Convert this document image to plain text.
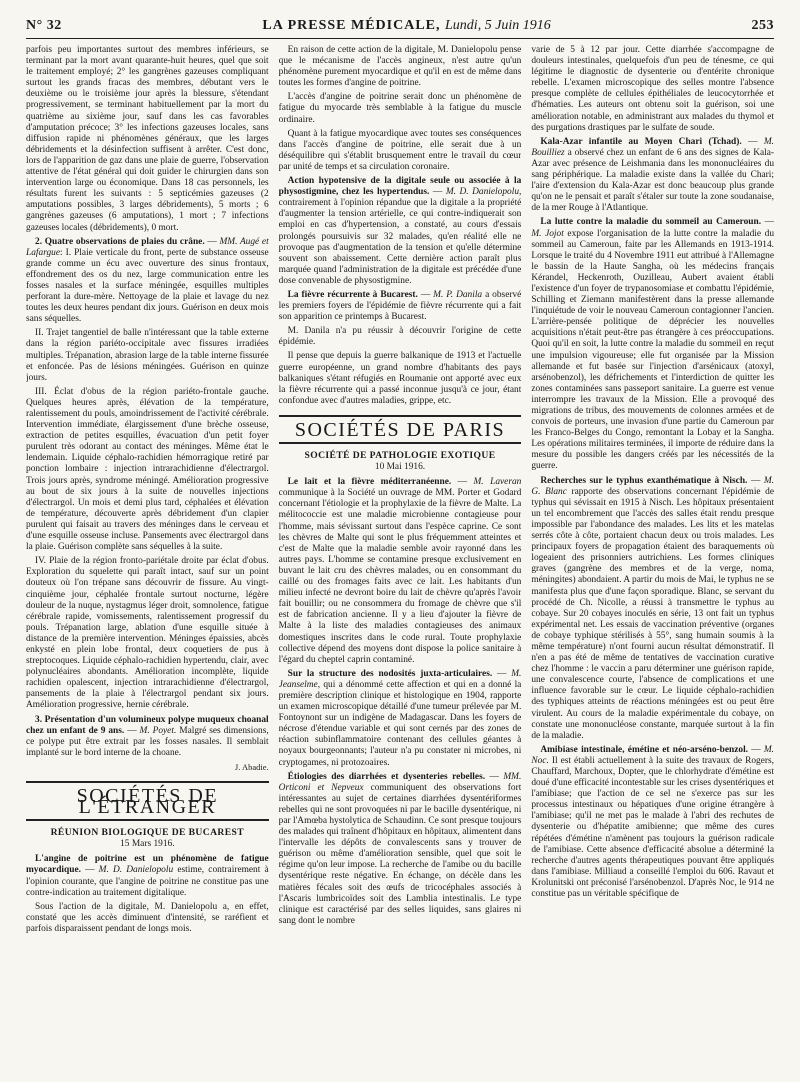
N° 32	LA PRESSE MÉDICALE, Lundi, 5 Juin 1916	253

parfois peu importantes surtout des membres inférieurs, se terminant par la mort avant quarante-huit heures, quel que soit le traitement employé; 2° les gangrènes gazeuses compliquant surtout les grands fracas des membres, débutant vers le deuxième ou le troisième jour après la blessure, s'étendant progressivement, se terminant habituellement par la mort du quatrième au sixième jour, sauf dans les cas favorables d'amputation précoce; 3° les infections gazeuses locales, sans diffusion rapide ni phénomènes généraux, que les larges débridements et la désinfection suffisent à arrêter. C'est donc, lors de l'apparition de gaz dans une plaie de guerre, l'observation attentive de l'état général qui doit guider le chirurgien dans son intervention large ou économique. Dans 18 cas personnels, les résultats furent les suivants : 5 septicémies gazeuses (2 amputations possibles, 3 larges débridements), 5 morts ; 6 gangrènes gazeuses (6 amputations), 1 mort ; 7 infections gazeuses locales (débridements), 0 mort.

2. Quatre observations de plaies du crâne. — MM. Augé et Lafargue: I. Plaie verticale du front, perte de substance osseuse grande comme un écu avec ouverture des sinus frontaux, effondrement des os du nez, large communication entre les fosses nasales et la surface méningée, esquilles multiples perforant la dure-mère. Nettoyage de la plaie et lavage du nez toutes les deux heures pendant dix jours. Guérison en deux mois sans séquelles.

II. Trajet tangentiel de balle n'intéressant que la table externe dans la région pariéto-occipitale avec fissures irradiées multiples. Trépanation, abrasion large de la table interne fissurée et enfoncée. Pas de lésions méningées. Guérison en quinze jours.

III. Éclat d'obus de la région pariéto-frontale gauche. Quelques heures après, élévation de la température, ralentissement du pouls, amoindrissement de l'activité cérébrale. Intervention immédiate, élargissement d'une brèche osseuse, extraction de petites esquilles, évacuation d'un petit foyer purulent très odorant au contact des méninges. Même état le lendemain. Liquide céphalo-rachidien hémorragique retiré par ponction lombaire : injection intrarachidienne d'électrargol. Trois jours après, syndrome méningé. Amélioration progressive au bout de six jours à la suite de nouvelles injections d'électrargol. Un mois et demi plus tard, céphalées et élévation de température, découverte après débridement d'un clapier purulent qui faisait au travers des méninges dans le cerveau et d'une esquille osseuse incluse. Pansements avec électrargol dans la plaie. Guérison complète sans séquelles à la suite.

IV. Plaie de la région fronto-pariétale droite par éclat d'obus. Exploration du squelette qui paraît intact, sauf sur un point douteux où l'on trépane sans découvrir de fissure. Au vingt-cinquième jour, céphalée frontale surtout nocturne, légère douleur de la nuque, nystagmus léger droit, somnolence, fatigue cérébrale rapide, vomissements, ralentissement progressif du pouls. Trépanation large, ablation d'une esquille située à distance de la première intervention. Méninges épaissies, abcès enkysté en plein lobe frontal, deux coquetiers de pus à streptocoques. Liquide céphalo-rachidien hypertendu, clair, avec polynucléaires abondants. Amélioration incomplète, liquide rachidien opalescent, injection intrarachidienne d'électrargol, pansements de la plaie à l'électrargol pendant six jours. Amélioration progressive, hernie cérébrale.

3. Présentation d'un volumineux polype muqueux choanal chez un enfant de 9 ans. — M. Poyet. Malgré ses dimensions, ce polype put être extrait par les fosses nasales. Il semblait implanté sur le bord interne de la choane.

J. Abadie.
SOCIÉTÉS DE L'ÉTRANGER
RÉUNION BIOLOGIQUE DE BUCAREST
15 Mars 1916.

L'angine de poitrine est un phénomène de fatigue myocardique. — M. D. Danielopolu estime, contrairement à l'opinion courante, que l'angine de poitrine ne constitue pas une contre-indication au traitement digitalique.

Sous l'action de la digitale, M. Danielopolu a, en effet, constaté que les accès diminuent d'intensité, se raréfient et parfois disparaissent pendant de longs mois.

En raison de cette action de la digitale, M. Danielopolu pense que le mécanisme de l'accès angineux, n'est autre qu'un phénomène purement myocardique et qu'il en est de même dans toutes les formes d'angine de poitrine.

L'accès d'angine de poitrine serait donc un phénomène de fatigue du myocarde très semblable à la fatigue du muscle ordinaire.

Quant à la fatigue myocardique avec toutes ses conséquences dans l'accès d'angine de poitrine, elle serait due à un déséquilibre qui s'établit brusquement entre le travail du cœur par unité de temps et sa circulation coronaire.

Action hypotensive de la digitale seule ou associée à la physostigmine, chez les hypertendus. — M. D. Danielopolu, contrairement à l'opinion répandue que la digitale a la propriété d'augmenter la tension artérielle, ce qui contre-indiquerait son emploi en cas d'hypertension, a constaté, au cours d'essais prolongés poursuivis sur 32 malades, qu'en réalité elle ne provoque pas d'augmentation de la tension et qu'elle détermine souvent son abaissement. Cette dernière action paraît plus marquée quand l'administration de la digitale est précédée d'une dose convenable de physostigmine.

La fièvre récurrente à Bucarest. — M. P. Danila a observé les premiers foyers de l'épidémie de fièvre récurrente qui a fait son apparition ce printemps à Bucarest.

M. Danila n'a pu réussir à découvrir l'origine de cette épidémie.

Il pense que depuis la guerre balkanique de 1913 et l'actuelle guerre européenne, un grand nombre d'habitants des pays balkaniques s'étant réfugiés en Roumanie ont apporté avec eux la fièvre récurrente qui a passé inconnue jusqu'à ce jour, étant confondue avec d'autres maladies, grippe, etc.

SOCIÉTÉS DE PARIS
SOCIÉTÉ DE PATHOLOGIE EXOTIQUE
10 Mai 1916.

Le lait et la fièvre méditerranéenne. — M. Laveran communique à la Société un ouvrage de MM. Porter et Godard concernant l'étiologie et la prophylaxie de la fièvre de Malte. La mélitococcie est une maladie microbienne contagieuse pour l'homme, mais sévissant surtout dans l'espèce caprine. Ce sont les chèvres de Malte qui sont le plus fréquemment atteintes et c'est de Malte que la maladie semble avoir rayonné dans les autres pays. L'homme se contamine presque exclusivement en buvant le lait cru des chèvres malades, ou en consommant du caillé ou des fromages faits avec ce lait. Les habitants d'un milieu infecté ne devront boire du lait de chèvre qu'après l'avoir fait bouillir; ou ne consommera du fromage de chèvre que s'il est de fabrication ancienne. Il y a lieu d'ajouter la fièvre de Malte à la liste des maladies contagieuses des animaux domestiques inscrites dans le code rural. Toute prophylaxie collective dépend des moyens dont dispose la police sanitaire à l'égard du cheptel caprin contaminé.

Sur la structure des nodosités juxta-articulaires. — M. Jeanselme, qui a dénommé cette affection et qui en a donné la première description clinique et histologique en 1904, rapporte un examen microscopique détaillé d'une tumeur prélevée par M. Fontoynont sur un indigène de Madagascar. Dans les foyers de nécrose d'étendue variable et qui sont cernés par des zones de réaction subinflammatoire contenant des cellules géantes à noyaux bourgeonnants; l'auteur n'a pu constater ni microbes, ni cryptogames, ni protozoaires.

Étiologies des diarrhées et dysenteries rebelles. — MM. Orticoni et Nepveux communiquent des observations fort intéressantes au sujet de certaines diarrhées dysentériformes rebelles qui ne sont provoquées ni par le bacille dysentérique, ni par l'Amœba hystolytica de Schaudinn. Ce sont presque toujours des malades qui traînent d'hôpitaux en hôpitaux, alimentent dans l'intervalle les dépôts de convalescents sans y trouver de guérison ou même d'amélioration sensible, quel que soit le régime qu'on leur impose. La recherche de l'amibe ou du bacille dysentérique reste négative. En échange, on décèle dans les matières fécales soit des œufs de tricocéphales associés à l'Ascaris lumbricoïdes soit des Lamblia intestinalis. Le type clinique est caractérisé par des selles liquides, sans glaires ni sang dont le nombre

varie de 5 à 12 par jour. Cette diarrhée s'accompagne de douleurs intestinales, quelquefois d'un peu de ténesme, ce qui légitime le diagnostic de dysenterie ou d'entérite chronique rebelle. L'examen microscopique des selles montre l'absence presque complète de cellules épithéliales de leucocytorrhée et d'hématies. Les auteurs ont obtenu soit la guérison, soi une amélioration notable, en administrant aux malades du thymol et des purgations drastiques par le sulfate de soude.

Kala-Azar infantile au Moyen Chari (Tchad). — M. Bouilliez a observé chez un enfant de 6 ans des signes de Kala-Azar avec présence de Leishmania dans les mononucléaires du sang périphérique. La maladie existe dans la vallée du Chari; l'aire d'extension du Kala-Azar est donc beaucoup plus grande qu'on ne le pensait et paraît s'étaler sur toute la zone soudanaise, de la mer Rouge à l'Atlantique.

La lutte contre la maladie du sommeil au Cameroun. — M. Jojot expose l'organisation de la lutte contre la maladie du sommeil au Cameroun, faite par les Allemands en 1913-1914. Lorsque le traité du 4 Novembre 1911 eut attribué à l'Allemagne le bassin de la Haute Sangha, où les médecins français Kérandel, Heckenroth, Ouzilleau, Aubert avaient établi l'existence d'un foyer de trypanosomiase et combattu l'épidémie, Schilling et Ziemann manifestèrent dans la presse allemande l'inquiétude de voir le nouveau Cameroun contagionner l'ancien. L'arrière-pensée politique de déprécier les nouvelles acquisitions n'était peut-être pas étrangère à ces préoccupations. Quoi qu'il en soit, la lutte contre la maladie du sommeil en reçut une impulsion vigoureuse; elle fut organisée par la Mission allemande et fut basée sur l'injection d'arsénicaux (atoxyl, arsénobenzol), les défrichements et l'interdiction de quitter les zones contaminées sans passeport sanitaire. La guerre est venue interrompre les travaux de la Mission. Elle a provoqué des migrations de tribus, des mouvements de colonnes armées et de convois de porteurs, une invasion d'une partie du Cameroun par les Franco-Belges du Congo, remontant la Lobay et la Sangha. Les opérations militaires terminées, il importe de réduire dans la mesure du possible les dangers créés par les nécessités de la guerre.

Recherches sur le typhus exanthématique à Nisch. — M. G. Blanc rapporte des observations concernant l'épidémie de typhus qui sévissait en 1915 à Nisch. Les hôpitaux présentaient un tel encombrement que l'accès des salles était rendu presque impossible par l'abondance des malades. Les lits et les matelas serrés côte à côte, portaient chacun deux ou trois malades. Les principaux foyers de propagation étaient des baraquements où logeaient des prisonniers autrichiens. Les formes cliniques graves (gangrène des membres et de la verge, noma, méningites) abondaient. A partir du mois de Mai, le typhus ne se manifesta plus que d'une façon sporadique. Blanc, se servant du procédé de Ch. Nicolle, a réussi à transmettre le typhus au cobaye. Sur 20 cobayes inoculés en série, 13 ont fait un typhus expérimental net. Les essais de vaccination préventive (organes de cobaye typhique stérilisés à 55°, sang humain soumis à la même température) n'ont fourni aucun résultat démonstratif. Il n'en a pas été de même de tentatives de vaccination curative chez l'homme : le vaccin a paru déterminer une guérison rapide, une convalescence courte, l'absence de complications et une influence favorable sur le cœur. Le liquide céphalo-rachidien des typhiques atteints de réactions méningées est ou peut être virulent. Au cours de la maladie expérimentale du cobaye, on constate une mononucléose constante, marquée surtout à la fin de la maladie.

Amibiase intestinale, émétine et néo-arséno-benzol. — M. Noc. Il est établi actuellement à la suite des travaux de Rogers, Chauffard, Marchoux, Dopter, que le chlorhydrate d'émétine est doué d'une efficacité incontestable sur les crises dysentériques et l'amibiase; que l'action de ce sel ne s'exerce pas sur les processus intestinaux ou hépatiques d'une origine étrangère à l'amibiase; qu'il ne met pas le malade à l'abri des rechutes de dysenterie ou d'hépatite amibienne; que même des cures répétées d'émétine n'amènent pas toujours la guérison radicale de l'amibiase. Cette absence d'efficacité absolue a déterminé la recherche d'autres agents thérapeutiques pouvant être appliqués dans l'amibiase. Milliaud a conseillé l'emploi du 606. Ravaut et Krolunitski ont préconisé l'arsénobenzol. D'après Noc, le 914 ne constitue pas un véritable spécifique de
